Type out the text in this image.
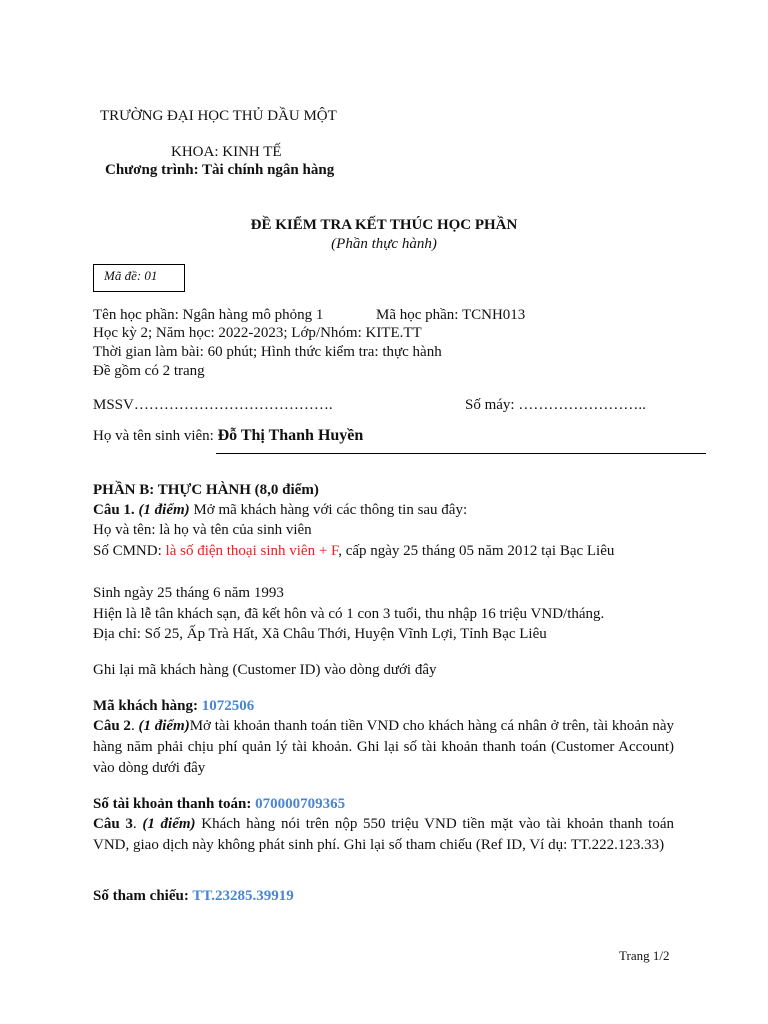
TRƯỜNG ĐẠI HỌC THỦ DẦU MỘT
KHOA: KINH TẾ
Chương trình: Tài chính ngân hàng
ĐỀ KIỂM TRA KẾT THÚC HỌC PHẦN
(Phần thực hành)
Mã đề: 01
Tên học phần: Ngân hàng mô phỏng 1	Mã học phần: TCNH013
Học kỳ 2; Năm học: 2022-2023; Lớp/Nhóm: KITE.TT
Thời gian làm bài: 60 phút; Hình thức kiểm tra: thực hành
Đề gồm có 2 trang
MSSV………………………………….	Số máy: ……………………..
Họ và tên sinh viên: Đỗ Thị Thanh Huyền
PHẦN B: THỰC HÀNH (8,0 điểm)
Câu 1. (1 điểm) Mở mã khách hàng với các thông tin sau đây:
Họ và tên: là họ và tên của sinh viên
Số CMND: là số điện thoại sinh viên + F, cấp ngày 25 tháng 05 năm 2012 tại Bạc Liêu
Sinh ngày 25 tháng 6 năm 1993
Hiện là lễ tân khách sạn, đã kết hôn và có 1 con 3 tuổi, thu nhập 16 triệu VND/tháng.
Địa chỉ: Số 25, Ấp Trà Hất, Xã Châu Thới, Huyện Vĩnh Lợi, Tỉnh Bạc Liêu
Ghi lại mã khách hàng (Customer ID) vào dòng dưới đây
Mã khách hàng: 1072506
Câu 2. (1 điểm)Mở tài khoản thanh toán tiền VND cho khách hàng cá nhân ở trên, tài khoản này hàng năm phải chịu phí quản lý tài khoản. Ghi lại số tài khoản thanh toán (Customer Account) vào dòng dưới đây
Số tài khoản thanh toán: 070000709365
Câu 3. (1 điểm) Khách hàng nói trên nộp 550 triệu VND tiền mặt vào tài khoản thanh toán VND, giao dịch này không phát sinh phí. Ghi lại số tham chiếu (Ref ID, Ví dụ: TT.222.123.33)
Số tham chiếu: TT.23285.39919
Trang 1/2
